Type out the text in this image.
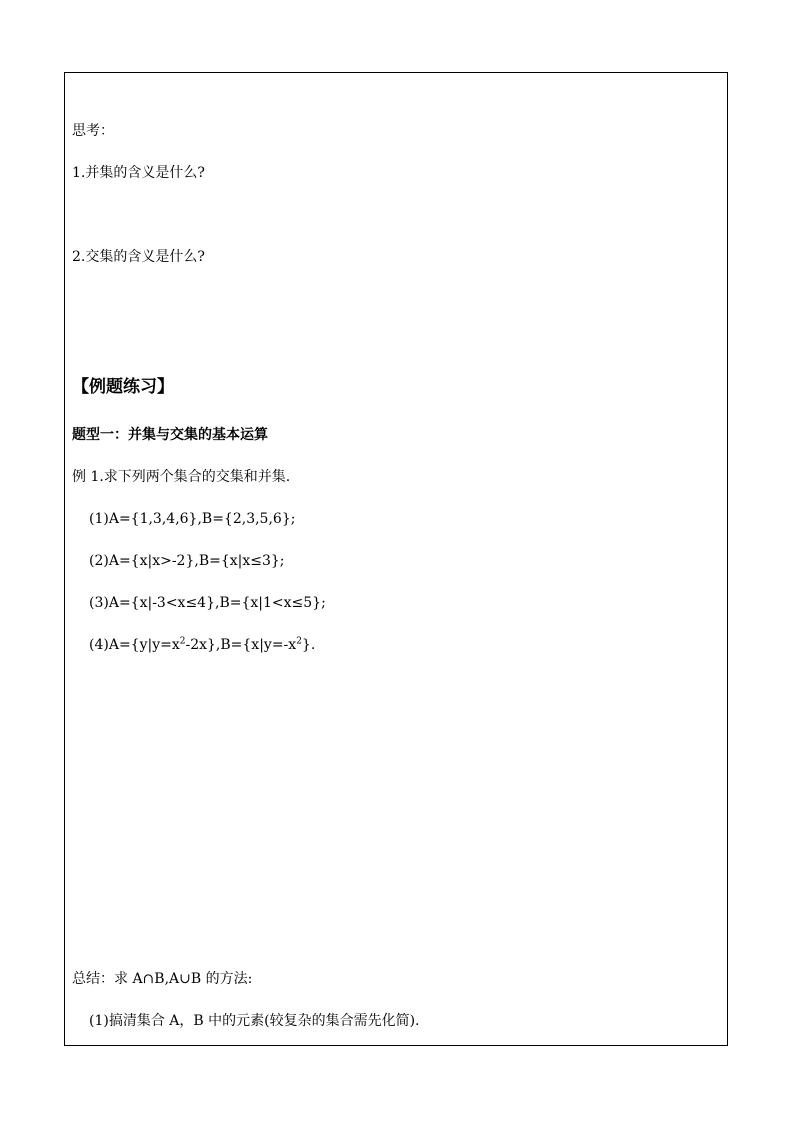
思考：
1.并集的含义是什么?
2.交集的含义是什么?
【例题练习】
题型一：并集与交集的基本运算
例 1.求下列两个集合的交集和并集.
(1)A={1,3,4,6},B={2,3,5,6};
(2)A={x|x>-2},B={x|x≤3};
(3)A={x|-3<x≤4},B={x|1<x≤5};
$(4)A=\{y|y=x^2-2x\},B=\{x|y=-x^2\}$.
总结：求 A∩B,A∪B 的方法:
(1)搞清集合 A，B 中的元素(较复杂的集合需先化简).
